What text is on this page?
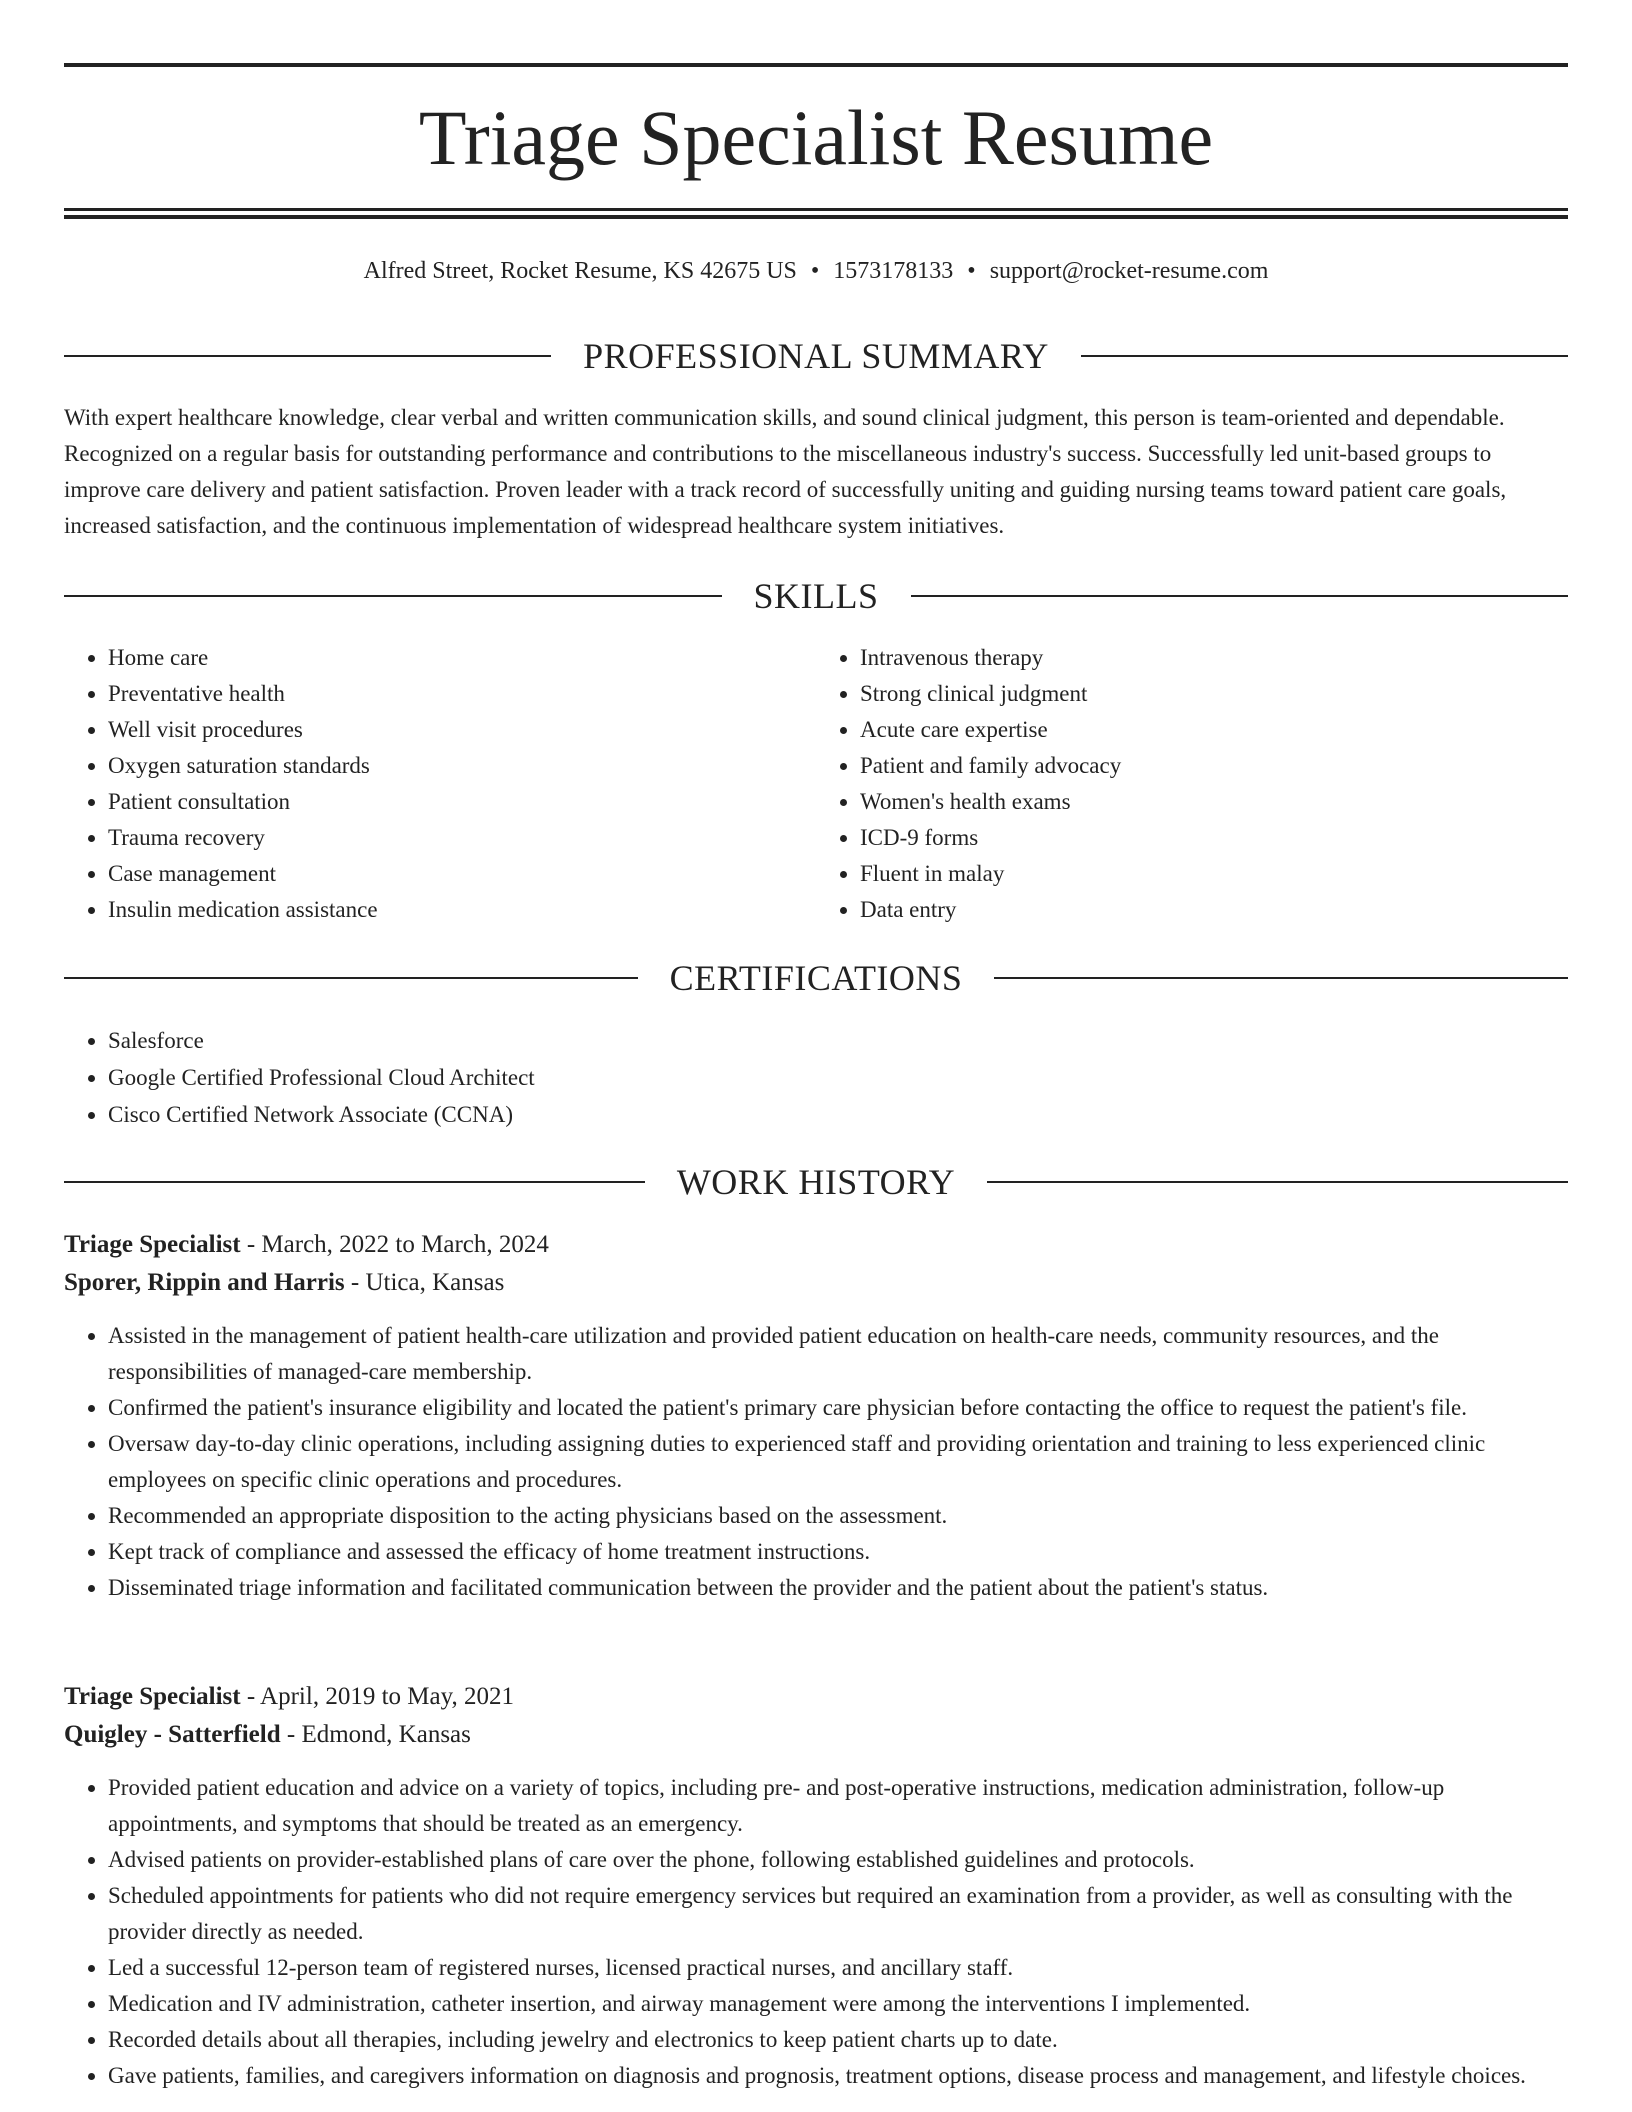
Triage Specialist Resume
Alfred Street, Rocket Resume, KS 42675 US • 1573178133 • support@rocket-resume.com
PROFESSIONAL SUMMARY

With expert healthcare knowledge, clear verbal and written communication skills, and sound clinical judgment, this person is team-oriented and dependable. Recognized on a regular basis for outstanding performance and contributions to the miscellaneous industry's success. Successfully led unit-based groups to improve care delivery and patient satisfaction. Proven leader with a track record of successfully uniting and guiding nursing teams toward patient care goals, increased satisfaction, and the continuous implementation of widespread healthcare system initiatives.

SKILLS
• Home care
• Preventative health
• Well visit procedures
• Oxygen saturation standards
• Patient consultation
• Trauma recovery
• Case management
• Insulin medication assistance
• Intravenous therapy
• Strong clinical judgment
• Acute care expertise
• Patient and family advocacy
• Women's health exams
• ICD-9 forms
• Fluent in malay
• Data entry
CERTIFICATIONS
• Salesforce
• Google Certified Professional Cloud Architect
• Cisco Certified Network Associate (CCNA)
WORK HISTORY
Triage Specialist - March, 2022 to March, 2024
Sporer, Rippin and Harris - Utica, Kansas
• Assisted in the management of patient health-care utilization and provided patient education on health-care needs, community resources, and the responsibilities of managed-care membership.
• Confirmed the patient's insurance eligibility and located the patient's primary care physician before contacting the office to request the patient's file.
• Oversaw day-to-day clinic operations, including assigning duties to experienced staff and providing orientation and training to less experienced clinic employees on specific clinic operations and procedures.
• Recommended an appropriate disposition to the acting physicians based on the assessment.
• Kept track of compliance and assessed the efficacy of home treatment instructions.
• Disseminated triage information and facilitated communication between the provider and the patient about the patient's status.
Triage Specialist - April, 2019 to May, 2021
Quigley - Satterfield - Edmond, Kansas
• Provided patient education and advice on a variety of topics, including pre- and post-operative instructions, medication administration, follow-up appointments, and symptoms that should be treated as an emergency.
• Advised patients on provider-established plans of care over the phone, following established guidelines and protocols.
• Scheduled appointments for patients who did not require emergency services but required an examination from a provider, as well as consulting with the provider directly as needed.
• Led a successful 12-person team of registered nurses, licensed practical nurses, and ancillary staff.
• Medication and IV administration, catheter insertion, and airway management were among the interventions I implemented.
• Recorded details about all therapies, including jewelry and electronics to keep patient charts up to date.
• Gave patients, families, and caregivers information on diagnosis and prognosis, treatment options, disease process and management, and lifestyle choices.
